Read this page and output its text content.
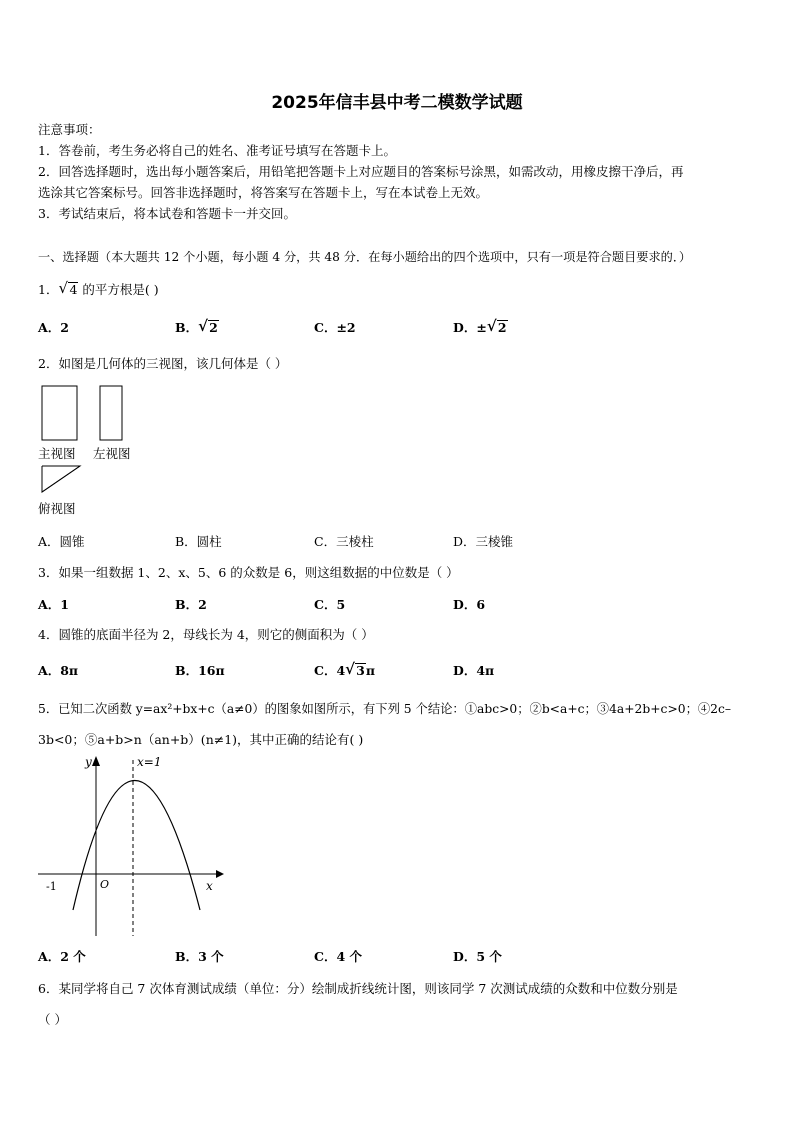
2025年信丰县中考二模数学试题
注意事项：
1．答卷前，考生务必将自己的姓名、准考证号填写在答题卡上。
2．回答选择题时，选出每小题答案后，用铅笔把答题卡上对应题目的答案标号涂黑，如需改动，用橡皮擦干净后，再
选涂其它答案标号。回答非选择题时，将答案写在答题卡上，写在本试卷上无效。
3．考试结束后，将本试卷和答题卡一并交回。
一、选择题（本大题共 12 个小题，每小题 4 分，共 48 分．在每小题给出的四个选项中，只有一项是符合题目要求的．）
1． √ 4 的平方根是( )
A．2	B． √ 2	C．±2	D．± √ 2
2．如图是几何体的三视图，该几何体是（ ）
主视图 左视图
俯视图
A．圆锥	B．圆柱	C．三棱柱	D．三棱锥
3．如果一组数据 1、2、x、5、6 的众数是 6，则这组数据的中位数是（ ）
A．1	B．2	C．5	D．6
4．圆锥的底面半径为 2，母线长为 4，则它的侧面积为（ ）
A．8π	B．16π	C．4 √ 3π	D．4π
5．已知二次函数 y=ax²+bx+c（a≠0）的图象如图所示，有下列 5 个结论：①abc>0；②b<a+c；③4a+2b+c>0；④2c–
3b<0；⑤a+b>n（an+b）(n≠1)，其中正确的结论有( )
y
x
O
-1
x=1
A．2 个	B．3 个	C．4 个	D．5 个
6．某同学将自己 7 次体育测试成绩（单位：分）绘制成折线统计图，则该同学 7 次测试成绩的众数和中位数分别是
（ ）
